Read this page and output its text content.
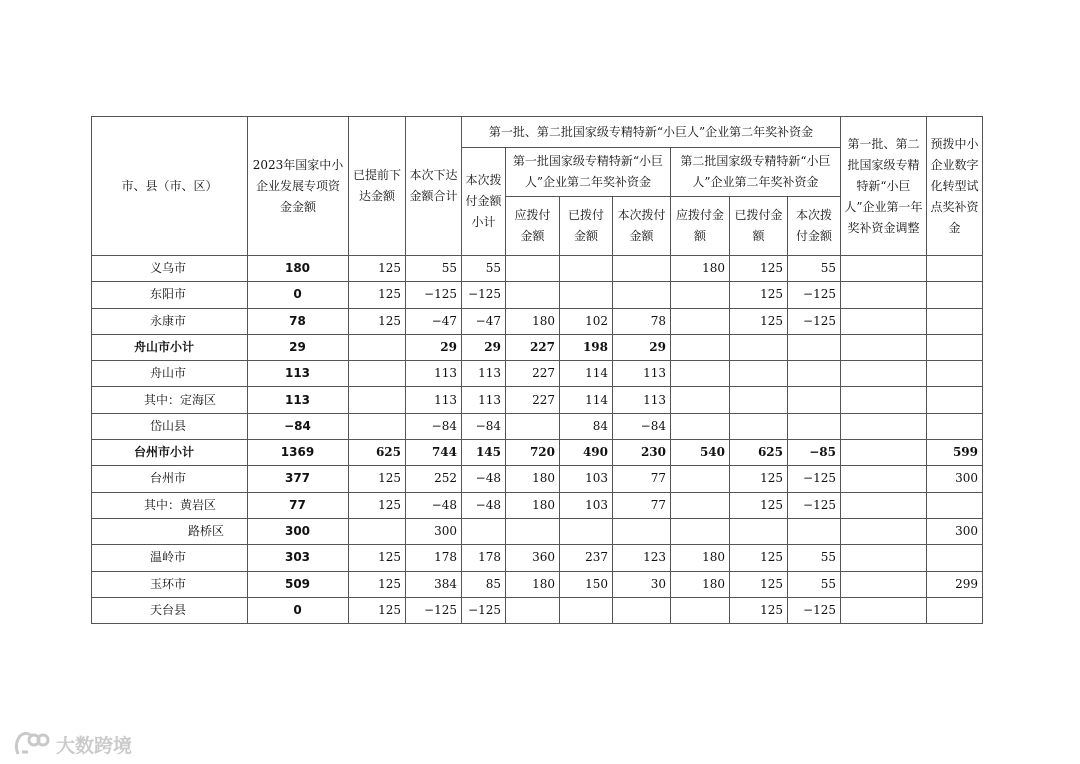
市、县（市、区）	2023年国家中小企业发展专项资金金额	已提前下达金额	本次下达金额合计	第一批、第二批国家级专精特新“小巨人”企业第二年奖补资金							第一批、第二批国家级专精特新“小巨人”企业第一年奖补资金调整	预拨中小企业数字化转型试点奖补资金
				本次拨付金额小计	第一批国家级专精特新“小巨人”企业第二年奖补资金			第二批国家级专精特新“小巨人”企业第二年奖补资金				
					应拨付金额	已拨付金额	本次拨付金额	应拨付金额	已拨付金额	本次拨付金额		
义乌市	180	125	55	55				180	125	55		
东阳市	0	125	−125	−125					125	−125		
永康市	78	125	−47	−47	180	102	78		125	−125		
舟山市小计	29		29	29	227	198	29					
舟山市	113		113	113	227	114	113					
其中：定海区	113		113	113	227	114	113					
岱山县	−84		−84	−84		84	−84					
台州市小计	1369	625	744	145	720	490	230	540	625	−85		599
台州市	377	125	252	−48	180	103	77		125	−125		300
其中：黄岩区	77	125	−48	−48	180	103	77		125	−125		
路桥区	300		300									300
温岭市	303	125	178	178	360	237	123	180	125	55		
玉环市	509	125	384	85	180	150	30	180	125	55		299
天台县	0	125	−125	−125					125	−125		
大数跨境
